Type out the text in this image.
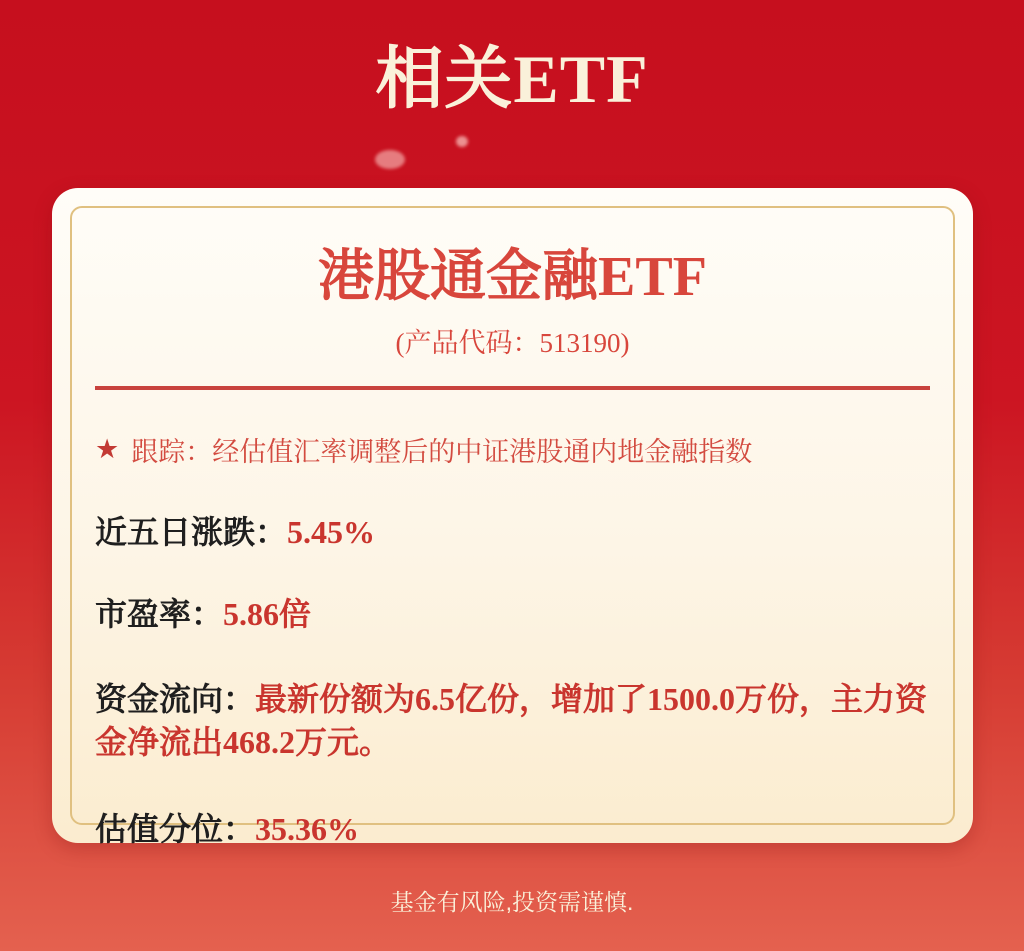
相关ETF
港股通金融ETF
(产品代码：513190)
★ 跟踪：经估值汇率调整后的中证港股通内地金融指数
近五日涨跌：5.45%
市盈率：5.86倍
资金流向：最新份额为6.5亿份，增加了1500.0万份，主力资金净流出468.2万元。
估值分位：35.36%
基金有风险,投资需谨慎.
